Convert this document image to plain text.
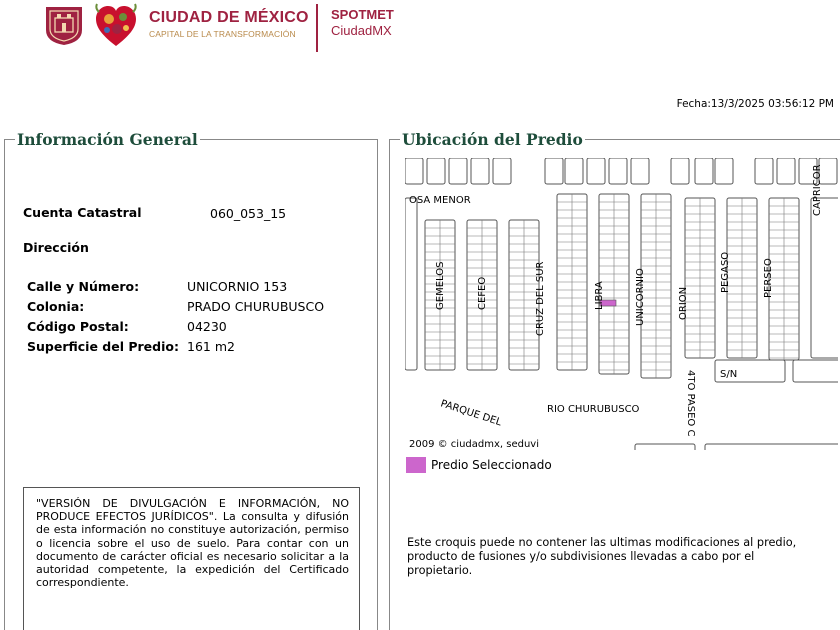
CIUDAD DE MÉXICO
CAPITAL DE LA TRANSFORMACIÓN
SPOTMET
CiudadMX
Fecha:13/3/2025 03:56:12 PM
Información General
Cuenta Catastral	060_053_15
Dirección
Calle y Número:	UNICORNIO 153
Colonia:	PRADO CHURUBUSCO
Código Postal:	04230
Superficie del Predio: 161 m2
"VERSIÓN DE DIVULGACIÓN E INFORMACIÓN, NO PRODUCE EFECTOS JURÍDICOS". La consulta y difusión de esta información no constituye autorización, permiso o licencia sobre el uso de suelo. Para contar con un documento de carácter oficial es necesario solicitar a la autoridad competente, la expedición del Certificado correspondiente.
Ubicación del Predio
OSA MENOR
GEMELOS	CEFEO	CRUZ DEL SUR	LIBRA	UNICORNIO	ORION
PEGASO	PERSEO
CAPRICOR
S/N
RIO CHURUBUSCO	4TO PASEO C
PARQUE DEL
2009 © ciudadmx, seduvi
Predio Seleccionado
Este croquis puede no contener las ultimas modificaciones al predio, producto de fusiones y/o subdivisiones llevadas a cabo por el propietario.
